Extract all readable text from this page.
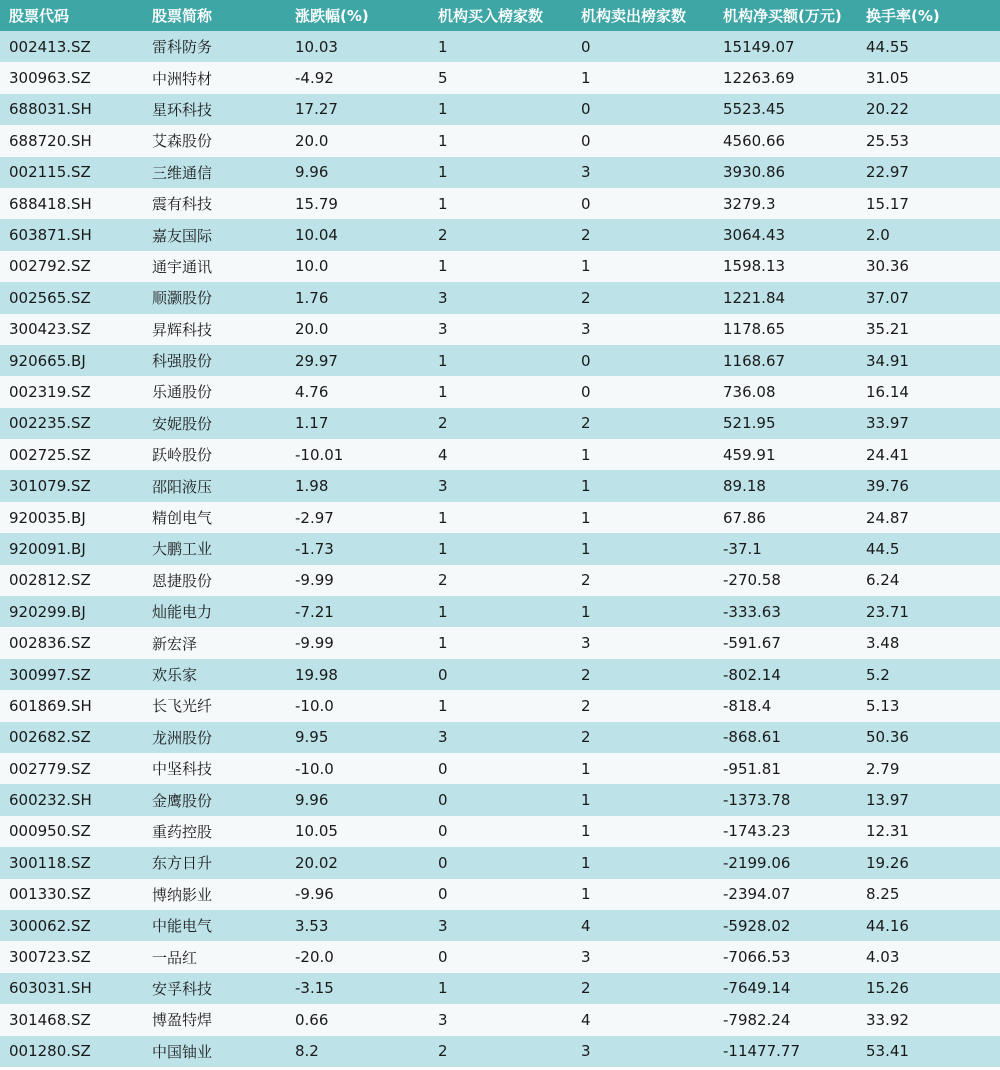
股票代码	股票简称	涨跌幅(%)	机构买入榜家数	机构卖出榜家数	机构净买额(万元)	换手率(%)
002413.SZ	雷科防务	10.03	1	0	15149.07	44.55
300963.SZ	中洲特材	-4.92	5	1	12263.69	31.05
688031.SH	星环科技	17.27	1	0	5523.45	20.22
688720.SH	艾森股份	20.0	1	0	4560.66	25.53
002115.SZ	三维通信	9.96	1	3	3930.86	22.97
688418.SH	震有科技	15.79	1	0	3279.3	15.17
603871.SH	嘉友国际	10.04	2	2	3064.43	2.0
002792.SZ	通宇通讯	10.0	1	1	1598.13	30.36
002565.SZ	顺灏股份	1.76	3	2	1221.84	37.07
300423.SZ	昇辉科技	20.0	3	3	1178.65	35.21
920665.BJ	科强股份	29.97	1	0	1168.67	34.91
002319.SZ	乐通股份	4.76	1	0	736.08	16.14
002235.SZ	安妮股份	1.17	2	2	521.95	33.97
002725.SZ	跃岭股份	-10.01	4	1	459.91	24.41
301079.SZ	邵阳液压	1.98	3	1	89.18	39.76
920035.BJ	精创电气	-2.97	1	1	67.86	24.87
920091.BJ	大鹏工业	-1.73	1	1	-37.1	44.5
002812.SZ	恩捷股份	-9.99	2	2	-270.58	6.24
920299.BJ	灿能电力	-7.21	1	1	-333.63	23.71
002836.SZ	新宏泽	-9.99	1	3	-591.67	3.48
300997.SZ	欢乐家	19.98	0	2	-802.14	5.2
601869.SH	长飞光纤	-10.0	1	2	-818.4	5.13
002682.SZ	龙洲股份	9.95	3	2	-868.61	50.36
002779.SZ	中坚科技	-10.0	0	1	-951.81	2.79
600232.SH	金鹰股份	9.96	0	1	-1373.78	13.97
000950.SZ	重药控股	10.05	0	1	-1743.23	12.31
300118.SZ	东方日升	20.02	0	1	-2199.06	19.26
001330.SZ	博纳影业	-9.96	0	1	-2394.07	8.25
300062.SZ	中能电气	3.53	3	4	-5928.02	44.16
300723.SZ	一品红	-20.0	0	3	-7066.53	4.03
603031.SH	安孚科技	-3.15	1	2	-7649.14	15.26
301468.SZ	博盈特焊	0.66	3	4	-7982.24	33.92
001280.SZ	中国铀业	8.2	2	3	-11477.77	53.41
